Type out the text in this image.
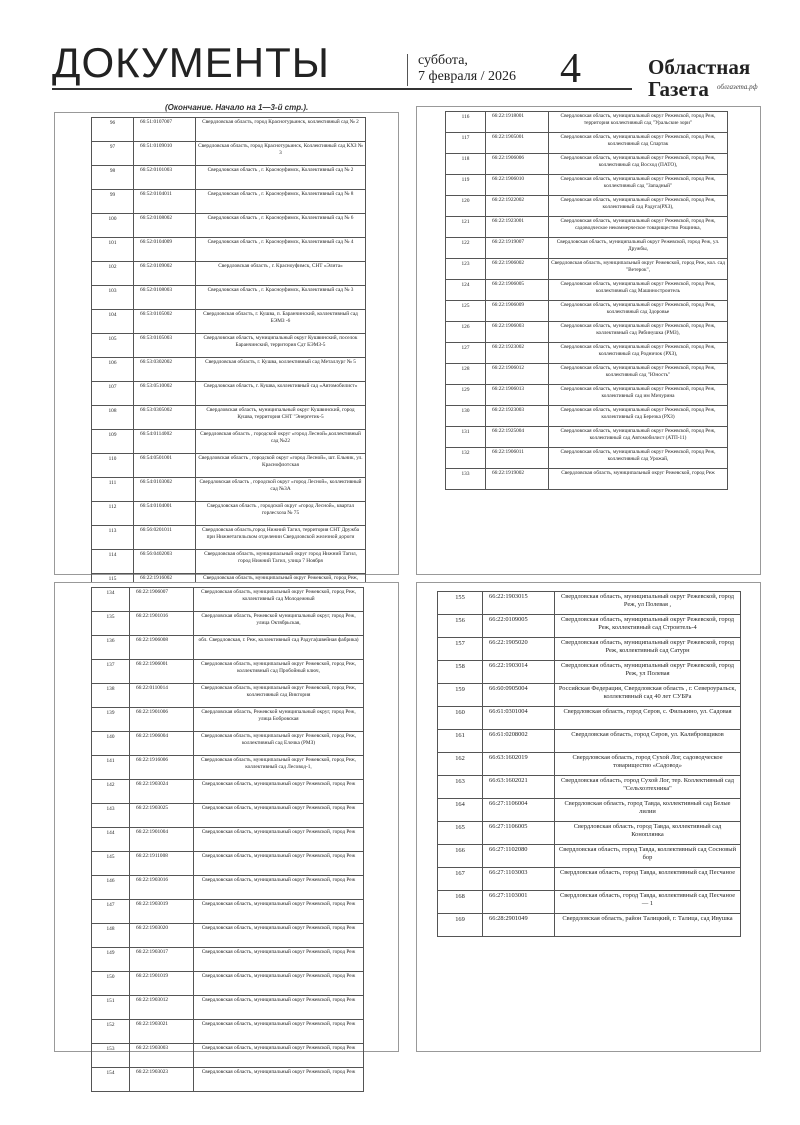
ДОКУМЕНТЫ	суббота,
7 февраля / 2026 4	Областная
Газета	облгазета.рф
(Окончание. Начало на 1—3-й стр.).
96	66:51:0107007	Свердловская область, город Краснотурьинск, коллективный сад № 2
97	66:51:0109010	Свердловская область, город Краснотурьинск, Коллективный сад КХЗ № 3
98	66:52:0101003	Свердловская область , г. Красноуфимск, Коллективный сад № 2
99	66:52:0104011	Свердловская область , г. Красноуфимск, Коллективный сад № 8
100	66:52:0108002	Свердловская область , г. Красноуфимск, Коллективный сад № 6
101	66:52:0104009	Свердловская область , г. Красноуфимск, Коллективный сад № 4
102	66:52:0109002	Свердловская область , г. Красноуфимск, СНТ «Элита»
103	66:52:0108003	Свердловская область , г. Красноуфимск, Коллективный сад № 3
104	66:53:0105002	Свердловская область, г. Кушва, п. Баранчинский, коллективный сад БЭМЗ -6
105	66:53:0105003	Свердловская область, муниципальный округ Кушвинский, поселок Баранчинский, территория Сдт БЭМЗ-5
106	66:53:0302002	Свердловская область, г. Кушва, коллективный сад Металлург № 5
107	66:53:0510002	Свердловская область, г. Кушва, коллективный сад «Автомобилист»
108	66:53:0305002	Свердловская область, муниципальный округ Кушвинский, город Кушва, территория СНТ "Энергетик-5
109	66:54:0114002	Свердловская область , городской округ «город Лесной»,коллективный сад №22
110	66:54:0501001	Свердловская область , городской округ «город Лесной», шт. Ельник, ул. Краснофлотская
111	66:54:0103002	Свердловская область , городской округ «город Лесной», коллективный сад №3А
112	66:54:0104001	Свердловская область , городской округ «город Лесной», квартал горлесхоза № 75
113	66:56:0201011	Свердловская область,город Нижний Тагил, территория СНТ Дружба при Нижнетагильском отделении Свердловской железной дороги
114	66:56:0402003	Свердловская область, муниципальный округ город Нижний Тагил, город Нижний Тагил, улица 7 Ноября
115	66:22:1916002	Свердловская область, муниципальный округ Режевской, город Реж,
116	66:22:1918001	Свердловская область, муниципальный округ Режевской, город Реж, территория коллективный сад "Уральские зори"
117	66:22:1905001	Свердловская область, муниципальный округ Режевской, город Реж, коллективный сад Спартак
118	66:22:1906006	Свердловская область, муниципальный округ Режевской, город Реж, коллективный сад Восход (ПАТО),
119	66:22:1906010	Свердловская область, муниципальный округ Режевской, город Реж, коллективный сад "Западный"
120	66:22:1922002	Свердловская область, муниципальный округ Режевской, город Реж, коллективный сад Радуга(РХЗ),
121	66:22:1923001	Свердловская область, муниципальный округ Режевской, город Реж, садоводческое некоммерческое товарищество Рощинка,
122	66:22:1919007	Свердловская область, муниципальный округ Режевской, город Реж, ул. Дружбы,
123	66:22:1906002	Свердловская область, муниципальный округ Режевской, город Реж, кол. сад "Ветерок",
124	66:22:1906005	Свердловская область, муниципальный округ Режевской, город Реж, коллективный сад Машиностроитель
125	66:22:1906009	Свердловская область, муниципальный округ Режевской, город Реж, коллективный сад Здоровье
126	66:22:1906003	Свердловская область, муниципальный округ Режевской, город Реж, коллективный сад Рябинушка (РМЗ),
127	66:22:1923002	Свердловская область, муниципальный округ Режевской, город Реж, коллективный сад Родничок (РХЗ),
128	66:22:1906012	Свердловская область, муниципальный округ Режевской, город Реж, коллективный сад "Юность"
129	66:22:1906013	Свердловская область, муниципальный округ Режевской, город Реж, коллективный сад им Мичурина
130	66:22:1923003	Свердловская область, муниципальный округ Режевской, город Реж, коллективный сад Березка (РХЗ)
131	66:22:1925004	Свердловская область, муниципальный округ Режевской, город Реж, коллективный сад Автомобилист (АТП-11)
132	66:22:1906011	Свердловская область, муниципальный округ Режевской, город Реж, коллективный сад Урожай,
133	66:22:1919002	Свердловская область, муниципальный округ Режевской, город Реж
134	66:22:1906007	Свердловская область, муниципальный округ Режевской, город Реж, коллективный сад Молодежный
135	66:22:1901016	Свердловская область, Режевской муниципальный округ, город Реж, улица Октябрьская,
136	66:22:1906008	обл. Свердловская, г. Реж, коллективный сад Радуга(швейная фабрика)
137	66:22:1906001	Свердловская область, муниципальный округ Режевской, город Реж, коллективный сад Пробойный ключ,
138	66:22:0110014	Свердловская область, муниципальный округ Режевской, город Реж, коллективный сад Виктория
139	66:22:1901006	Свердловская область, Режевской муниципальный округ, город Реж, улица Бобровская
140	66:22:1906004	Свердловская область, муниципальный округ Режевской, город Реж, коллективный сад Елочка (РМЗ)
141	66:22:1916006	Свердловская область, муниципальный округ Режевской, город Реж, коллективный сад Лесовод-1,
142	66:22:1903024	Свердловская область, муниципальный округ Режевской, город Реж
143	66:22:1903025	Свердловская область, муниципальный округ Режевской, город Реж
144	66:22:1901004	Свердловская область, муниципальный округ Режевской, город Реж
145	66:22:1911008	Свердловская область, муниципальный округ Режевской, город Реж
146	66:22:1903016	Свердловская область, муниципальный округ Режевской, город Реж
147	66:22:1903019	Свердловская область, муниципальный округ Режевской, город Реж
148	66:22:1903020	Свердловская область, муниципальный округ Режевской, город Реж
149	66:22:1903017	Свердловская область, муниципальный округ Режевской, город Реж
150	66:22:1901019	Свердловская область, муниципальный округ Режевской, город Реж
151	66:22:1903012	Свердловская область, муниципальный округ Режевской, город Реж
152	66:22:1903021	Свердловская область, муниципальный округ Режевской, город Реж
153	66:22:1903003	Свердловская область, муниципальный округ Режевской, город Реж
154	66:22:1903023	Свердловская область, муниципальный округ Режевской, город Реж
155	66:22:1903015	Свердловская область, муниципальный округ Режевской, город Реж, ул Полевая ,
156	66:22:0109005	Свердловская область, муниципальный округ Режевской, город Реж, коллективный сад Строитель-4
157	66:22:1905020	Свердловская область, муниципальный округ Режевской, город Реж, коллективный сад Сатурн
158	66:22:1903014	Свердловская область, муниципальный округ Режевской, город Реж, ул Полевая
159	66:60:0905004	Российская Федерация, Свердловская область , г. Североуральск, коллективный сад 40 лет СУБРа
160	66:61:0301004	Свердловская область, город Серов, с. Филькино, ул. Садовая
161	66:61:0208002	Свердловская область, город Серов, ул. Калибровщиков
162	66:63:1602019	Свердловская область, город Сухой Лог, садоводческое товарищество «Садовод»
163	66:63:1602021	Свердловская область, город Сухой Лог, тер. Коллективный сад "Сельхозтехника"
164	66:27:1106004	Свердловская область, город Тавда, коллективный сад Белые лилии
165	66:27:1106005	Свердловская область, город Тавда, коллективный сад Коноплянка
166	66:27:1102080	Свердловская область, город Тавда, коллективный сад Сосновый бор
167	66:27:1103003	Свердловская область, город Тавда, коллективный сад Песчаное
168	66:27:1103001	Свердловская область, город Тавда, коллективный сад Песчаное — 1
169	66:28:2901049	Свердловская область, район Талицкий, г. Талица, сад Ивушка
